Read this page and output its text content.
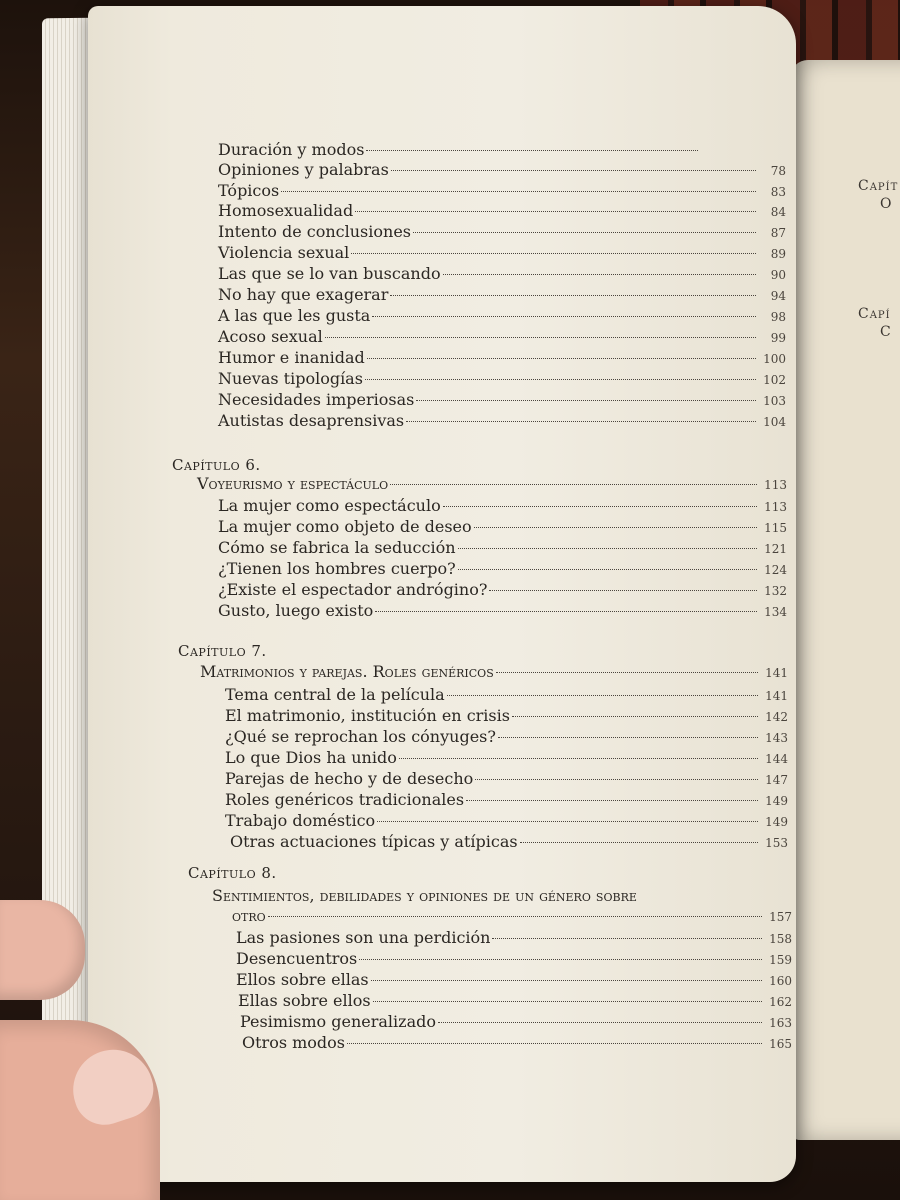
Capít
O
Capí
C
Duración y modos
Opiniones y palabras	78
Tópicos	83
Homosexualidad	84
Intento de conclusiones	87
Violencia sexual	89
Las que se lo van buscando	90
No hay que exagerar	94
A las que les gusta	98
Acoso sexual	99
Humor e inanidad	100
Nuevas tipologías	102
Necesidades imperiosas	103
Autistas desaprensivas	104
Capítulo 6.
Voyeurismo y espectáculo	113
La mujer como espectáculo	113
La mujer como objeto de deseo	115
Cómo se fabrica la seducción	121
¿Tienen los hombres cuerpo?	124
¿Existe el espectador andrógino?	132
Gusto, luego existo	134
Capítulo 7.
Matrimonios y parejas. Roles genéricos	141
Tema central de la película	141
El matrimonio, institución en crisis	142
¿Qué se reprochan los cónyuges?	143
Lo que Dios ha unido	144
Parejas de hecho y de desecho	147
Roles genéricos tradicionales	149
Trabajo doméstico	149
Otras actuaciones típicas y atípicas	153
Capítulo 8.
Sentimientos, debilidades y opiniones de un género sobre
otro	157
Las pasiones son una perdición	158
Desencuentros	159
Ellos sobre ellas	160
Ellas sobre ellos	162
Pesimismo generalizado	163
Otros modos	165
